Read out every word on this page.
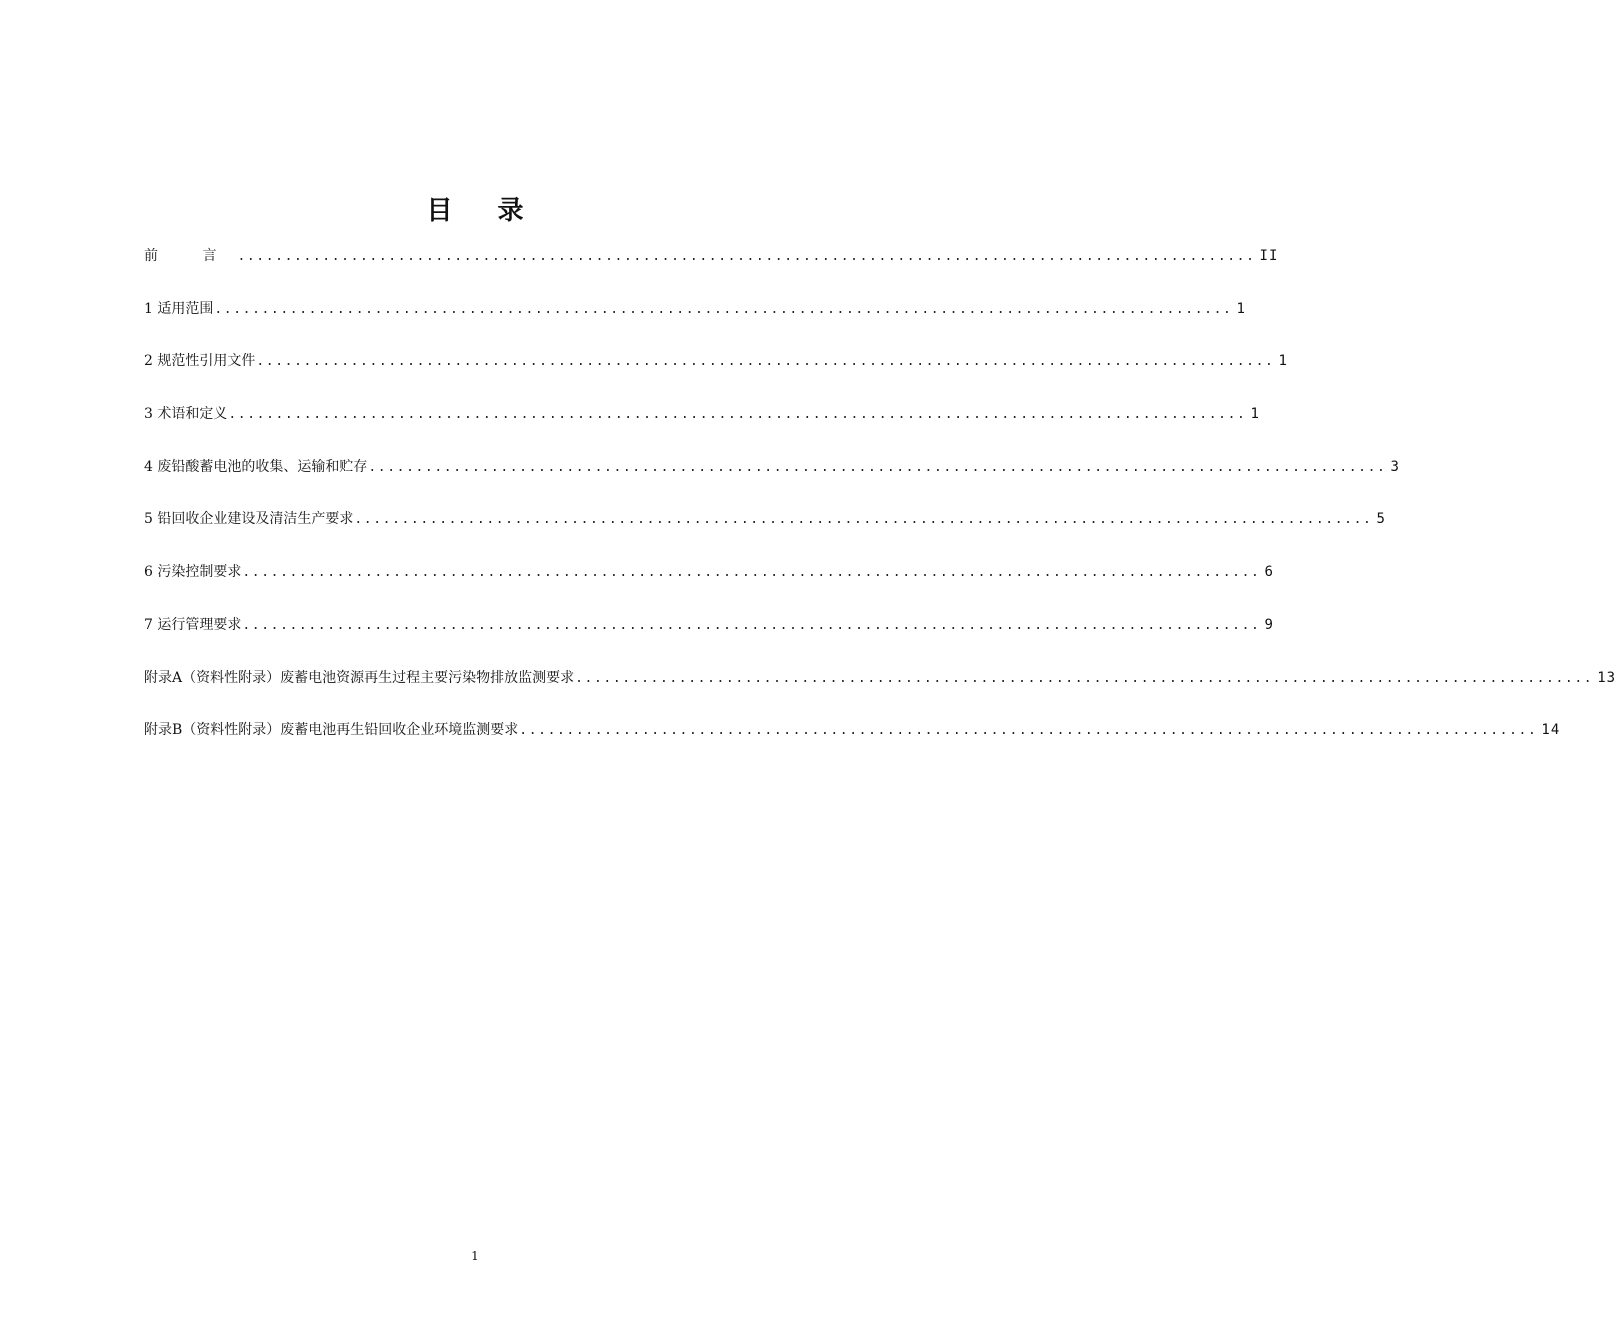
目 录
前 言 ............................................................................................................ II
1 适用范围 ............................................................................................................ 1
2 规范性引用文件 ............................................................................................................ 1
3 术语和定义 ............................................................................................................ 1
4 废铅酸蓄电池的收集、运输和贮存 ............................................................................................................ 3
5 铅回收企业建设及清洁生产要求 ............................................................................................................ 5
6 污染控制要求 ............................................................................................................ 6
7 运行管理要求 ............................................................................................................ 9
附录A（资料性附录）废蓄电池资源再生过程主要污染物排放监测要求 ............................................................................................................ 13
附录B（资料性附录）废蓄电池再生铅回收企业环境监测要求 ............................................................................................................ 14
1
